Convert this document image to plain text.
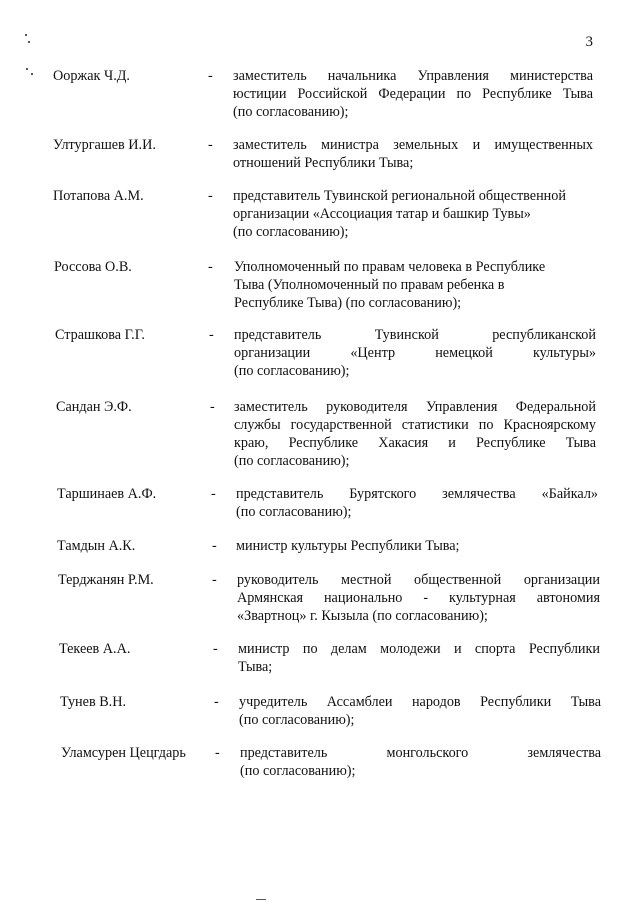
3
Ооржак Ч.Д.	- заместитель начальника Управления министерства
юстиции Российской Федерации по Республике Тыва
(по согласованию);
Ултургашев И.И.	- заместитель министра земельных и имущественных
отношений Республики Тыва;
Потапова А.М.	- представитель Тувинской региональной общественной
организации «Ассоциация татар и башкир Тувы»
(по согласованию);
Россова О.В.	- Уполномоченный по правам человека в Республике
Тыва (Уполномоченный по правам ребенка в
Республике Тыва) (по согласованию);
Страшкова Г.Г.	- представитель Тувинской республиканской
организации «Центр немецкой культуры»
(по согласованию);
Сандан Э.Ф.	- заместитель руководителя Управления Федеральной
службы государственной статистики по Красноярскому
краю, Республике Хакасия и Республике Тыва
(по согласованию);
Таршинаев А.Ф.	- представитель Бурятского землячества «Байкал»
(по согласованию);
Тамдын А.К.	- министр культуры Республики Тыва;
Терджанян Р.М.	- руководитель местной общественной организации
Армянская национально - культурная автономия
«Звартноц» г. Кызыла (по согласованию);
Текеев А.А.	- министр по делам молодежи и спорта Республики
Тыва;
Тунев В.Н.	- учредитель Ассамблеи народов Республики Тыва
(по согласованию);
Уламсурен Цецгдарь - представитель монгольского землячества
(по согласованию);
